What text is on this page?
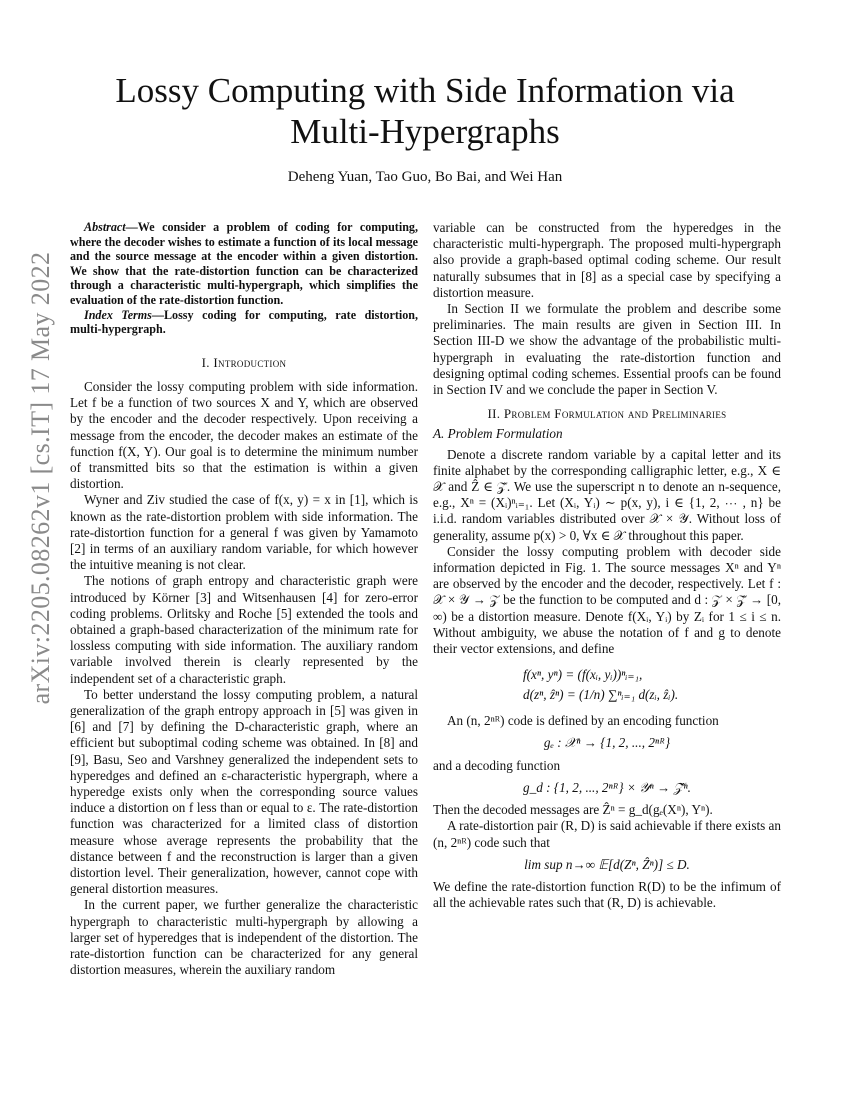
arXiv:2205.08262v1 [cs.IT] 17 May 2022
Lossy Computing with Side Information via
Multi-Hypergraphs
Deheng Yuan, Tao Guo, Bo Bai, and Wei Han

Abstract—We consider a problem of coding for computing, where the decoder wishes to estimate a function of its local message and the source message at the encoder within a given distortion. We show that the rate-distortion function can be characterized through a characteristic multi-hypergraph, which simplifies the evaluation of the rate-distortion function.

Index Terms—Lossy coding for computing, rate distortion, multi-hypergraph.

I. Introduction

Consider the lossy computing problem with side information. Let f be a function of two sources X and Y, which are observed by the encoder and the decoder respectively. Upon receiving a message from the encoder, the decoder makes an estimate of the function f(X, Y). Our goal is to determine the minimum number of transmitted bits so that the estimation is within a given distortion.

Wyner and Ziv studied the case of f(x, y) = x in [1], which is known as the rate-distortion problem with side information. The rate-distortion function for a general f was given by Yamamoto [2] in terms of an auxiliary random variable, for which however the intuitive meaning is not clear.

The notions of graph entropy and characteristic graph were introduced by Körner [3] and Witsenhausen [4] for zero-error coding problems. Orlitsky and Roche [5] extended the tools and obtained a graph-based characterization of the minimum rate for lossless computing with side information. The auxiliary random variable involved therein is clearly represented by the independent set of a characteristic graph.

To better understand the lossy computing problem, a natural generalization of the graph entropy approach in [5] was given in [6] and [7] by defining the D-characteristic graph, where an efficient but suboptimal coding scheme was obtained. In [8] and [9], Basu, Seo and Varshney generalized the independent sets to hyperedges and defined an ε-characteristic hypergraph, where a hyperedge exists only when the corresponding source values induce a distortion on f less than or equal to ε. The rate-distortion function was characterized for a limited class of distortion measure whose average represents the probability that the distance between f and the reconstruction is larger than a given distortion level. Their generalization, however, cannot cope with general distortion measures.

In the current paper, we further generalize the characteristic hypergraph to characteristic multi-hypergraph by allowing a larger set of hyperedges that is independent of the distortion. The rate-distortion function can be characterized for any general distortion measures, wherein the auxiliary random

variable can be constructed from the hyperedges in the characteristic multi-hypergraph. The proposed multi-hypergraph also provide a graph-based optimal coding scheme. Our result naturally subsumes that in [8] as a special case by specifying a distortion measure.

In Section II we formulate the problem and describe some preliminaries. The main results are given in Section III. In Section III-D we show the advantage of the probabilistic multi-hypergraph in evaluating the rate-distortion function and designing optimal coding schemes. Essential proofs can be found in Section IV and we conclude the paper in Section V.

II. Problem Formulation and Preliminaries
A. Problem Formulation

Denote a discrete random variable by a capital letter and its finite alphabet by the corresponding calligraphic letter, e.g., X ∈ 𝒳 and Ẑ ∈ 𝒵̂. We use the superscript n to denote an n-sequence, e.g., Xⁿ = (Xᵢ)ⁿᵢ₌₁. Let (Xᵢ, Yᵢ) ∼ p(x, y), i ∈ {1, 2, ⋯ , n} be i.i.d. random variables distributed over 𝒳 × 𝒴. Without loss of generality, assume p(x) > 0, ∀x ∈ 𝒳 throughout this paper.

Consider the lossy computing problem with decoder side information depicted in Fig. 1. The source messages Xⁿ and Yⁿ are observed by the encoder and the decoder, respectively. Let f : 𝒳 × 𝒴 → 𝒵 be the function to be computed and d : 𝒵 × 𝒵̂ → [0, ∞) be a distortion measure. Denote f(Xᵢ, Yᵢ) by Zᵢ for 1 ≤ i ≤ n. Without ambiguity, we abuse the notation of f and g to denote their vector extensions, and define

f(xⁿ, yⁿ) = (f(xᵢ, yᵢ))ⁿᵢ₌₁,
d(zⁿ, ẑⁿ) = (1/n) ∑ⁿᵢ₌₁ d(zᵢ, ẑᵢ).

An (n, 2ⁿᴿ) code is defined by an encoding function

gₑ : 𝒳ⁿ → {1, 2, ..., 2ⁿᴿ}

and a decoding function

g_d : {1, 2, ..., 2ⁿᴿ} × 𝒴ⁿ → 𝒵̂ⁿ.

Then the decoded messages are Ẑⁿ = g_d(gₑ(Xⁿ), Yⁿ).

A rate-distortion pair (R, D) is said achievable if there exists an (n, 2ⁿᴿ) code such that

lim sup n→∞ 𝔼[d(Zⁿ, Ẑⁿ)] ≤ D.

We define the rate-distortion function R(D) to be the infimum of all the achievable rates such that (R, D) is achievable.
